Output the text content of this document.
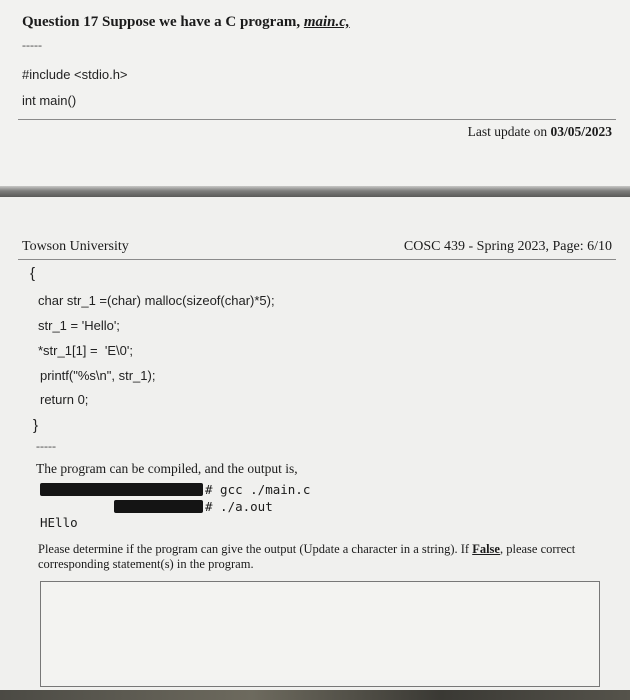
Question 17 Suppose we have a C program, main.c,
-----
#include <stdio.h>
int main()
Last update on 03/05/2023
Towson University	COSC 439 - Spring 2023, Page: 6/10
{
char str_1 =(char) malloc(sizeof(char)*5);
str_1 = 'Hello';
*str_1[1] =  'E\0';
printf("%s\n", str_1);
return 0;
}
-----
The program can be compiled, and the output is,
# gcc ./main.c
# ./a.out
HEllo
Please determine if the program can give the output (Update a character in a string). If False, please correct corresponding statement(s) in the program.
